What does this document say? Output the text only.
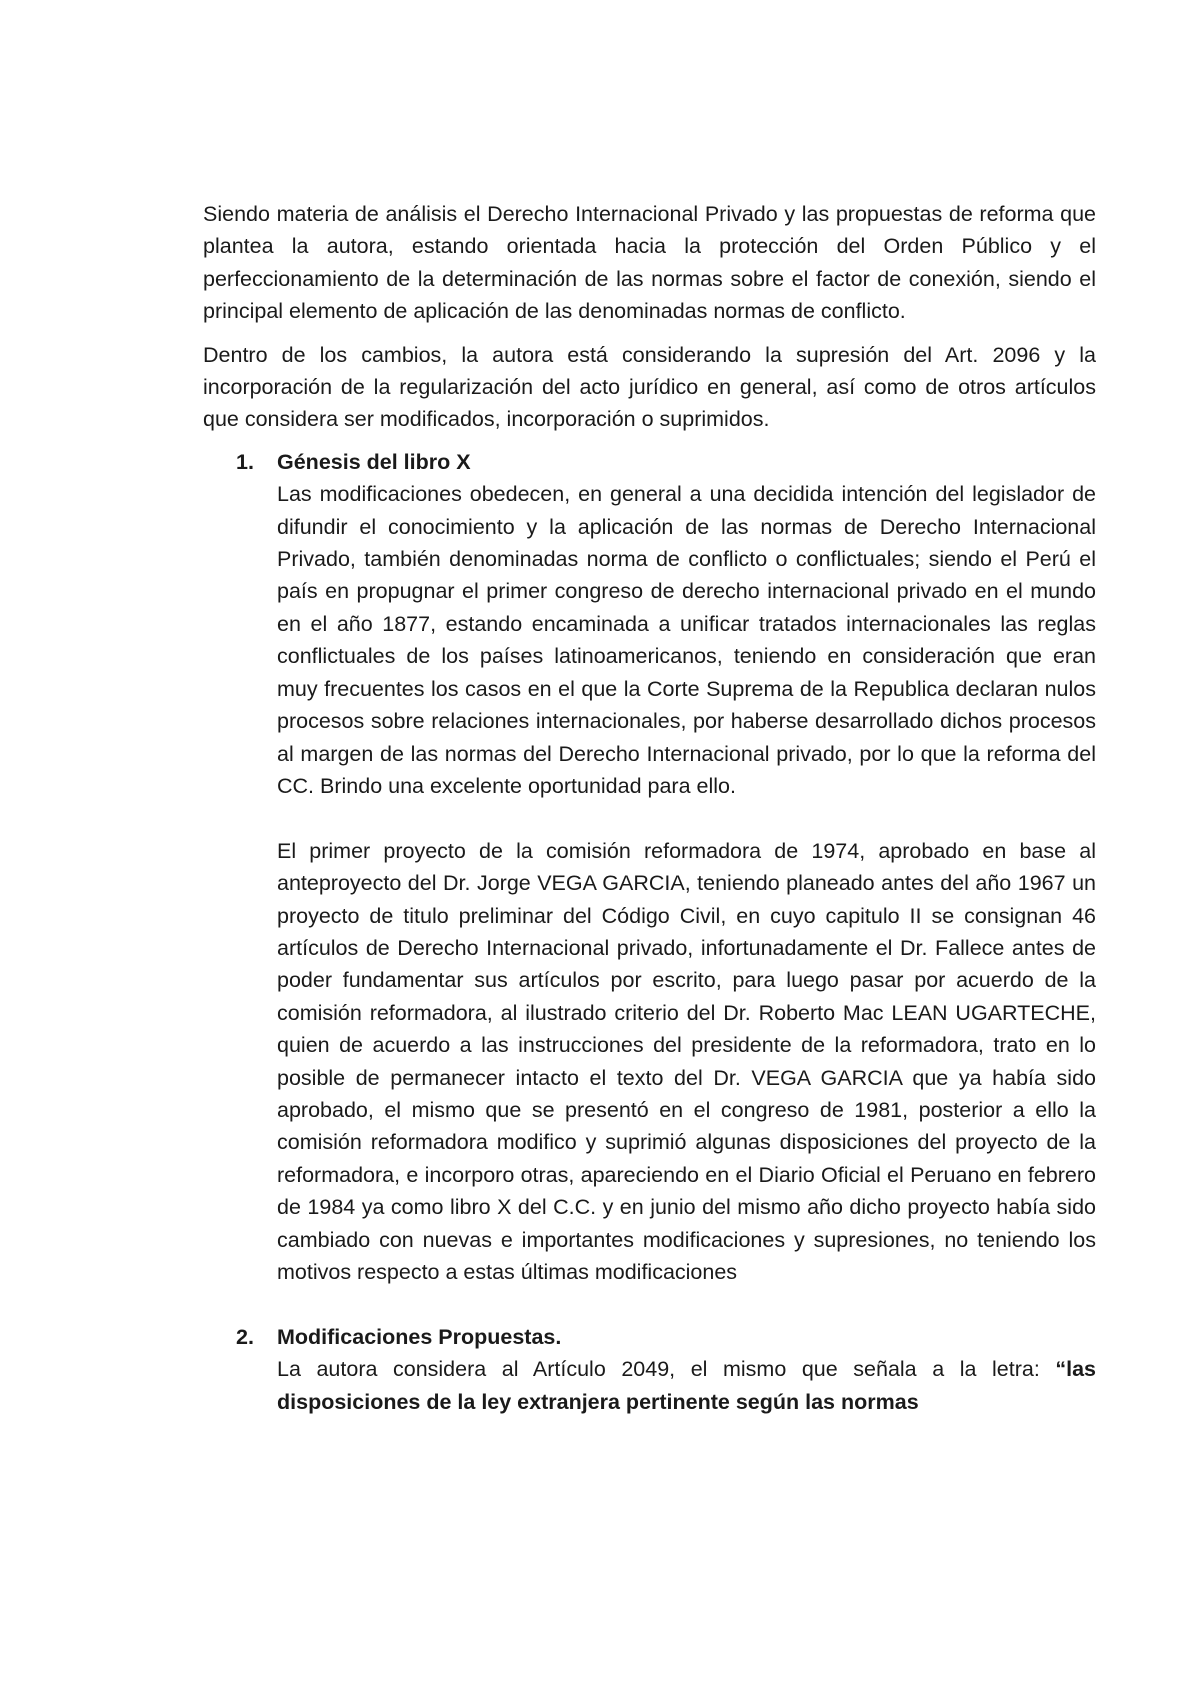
Siendo materia de análisis el Derecho Internacional Privado y las propuestas de reforma que plantea la autora, estando orientada hacia la protección del Orden Público y el perfeccionamiento de la determinación de las normas sobre el factor de conexión, siendo el principal elemento de aplicación de las denominadas normas de conflicto.

Dentro de los cambios, la autora está considerando la supresión del Art. 2096 y la incorporación de la regularización del acto jurídico en general, así como de otros artículos que considera ser modificados, incorporación o suprimidos.

1. Génesis del libro X

Las modificaciones obedecen, en general a una decidida intención del legislador de difundir el conocimiento y la aplicación de las normas de Derecho Internacional Privado, también denominadas norma de conflicto o conflictuales; siendo el Perú el país en propugnar el primer congreso de derecho internacional privado en el mundo en el año 1877, estando encaminada a unificar tratados internacionales las reglas conflictuales de los países latinoamericanos, teniendo en consideración que eran muy frecuentes los casos en el que la Corte Suprema de la Republica declaran nulos procesos sobre relaciones internacionales, por haberse desarrollado dichos procesos al margen de las normas del Derecho Internacional privado, por lo que la reforma del CC. Brindo una excelente oportunidad para ello.

El primer proyecto de la comisión reformadora de 1974, aprobado en base al anteproyecto del Dr. Jorge VEGA GARCIA, teniendo planeado antes del año 1967 un proyecto de titulo preliminar del Código Civil, en cuyo capitulo II se consignan 46 artículos de Derecho Internacional privado, infortunadamente el Dr. Fallece antes de poder fundamentar sus artículos por escrito, para luego pasar por acuerdo de la comisión reformadora, al ilustrado criterio del Dr. Roberto Mac LEAN UGARTECHE, quien de acuerdo a las instrucciones del presidente de la reformadora, trato en lo posible de permanecer intacto el texto del Dr. VEGA GARCIA que ya había sido aprobado, el mismo que se presentó en el congreso de 1981, posterior a ello la comisión reformadora modifico y suprimió algunas disposiciones del proyecto de la reformadora, e incorporo otras, apareciendo en el Diario Oficial el Peruano en febrero de 1984 ya como libro X del C.C. y en junio del mismo año dicho proyecto había sido cambiado con nuevas e importantes modificaciones y supresiones, no teniendo los motivos respecto a estas últimas modificaciones

2. Modificaciones Propuestas.

La autora considera al Artículo 2049, el mismo que señala a la letra: “las disposiciones de la ley extranjera pertinente según las normas
